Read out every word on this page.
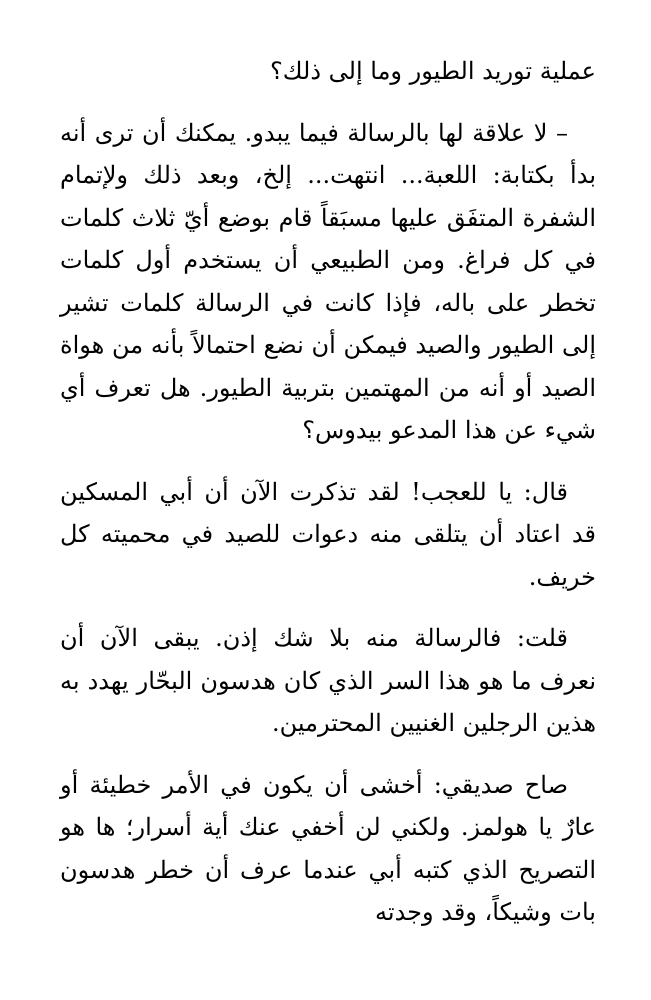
عملية توريد الطيور وما إلى ذلك؟

– لا علاقة لها بالرسالة فيما يبدو. يمكنك أن ترى أنه بدأ بكتابة: اللعبة... انتهت... إلخ، وبعد ذلك ولإتمام الشفرة المتفَق عليها مسبَقاً قام بوضع أيّ ثلاث كلمات في كل فراغ. ومن الطبيعي أن يستخدم أول كلمات تخطر على باله، فإذا كانت في الرسالة كلمات تشير إلى الطيور والصيد فيمكن أن نضع احتمالاً بأنه من هواة الصيد أو أنه من المهتمين بتربية الطيور. هل تعرف أي شيء عن هذا المدعو بيدوس؟

قال: يا للعجب! لقد تذكرت الآن أن أبي المسكين قد اعتاد أن يتلقى منه دعوات للصيد في محميته كل خريف.

قلت: فالرسالة منه بلا شك إذن. يبقى الآن أن نعرف ما هو هذا السر الذي كان هدسون البحّار يهدد به هذين الرجلين الغنيين المحترمين.

صاح صديقي: أخشى أن يكون في الأمر خطيئة أو عارٌ يا هولمز. ولكني لن أخفي عنك أية أسرار؛ ها هو التصريح الذي كتبه أبي عندما عرف أن خطر هدسون بات وشيكاً، وقد وجدته
